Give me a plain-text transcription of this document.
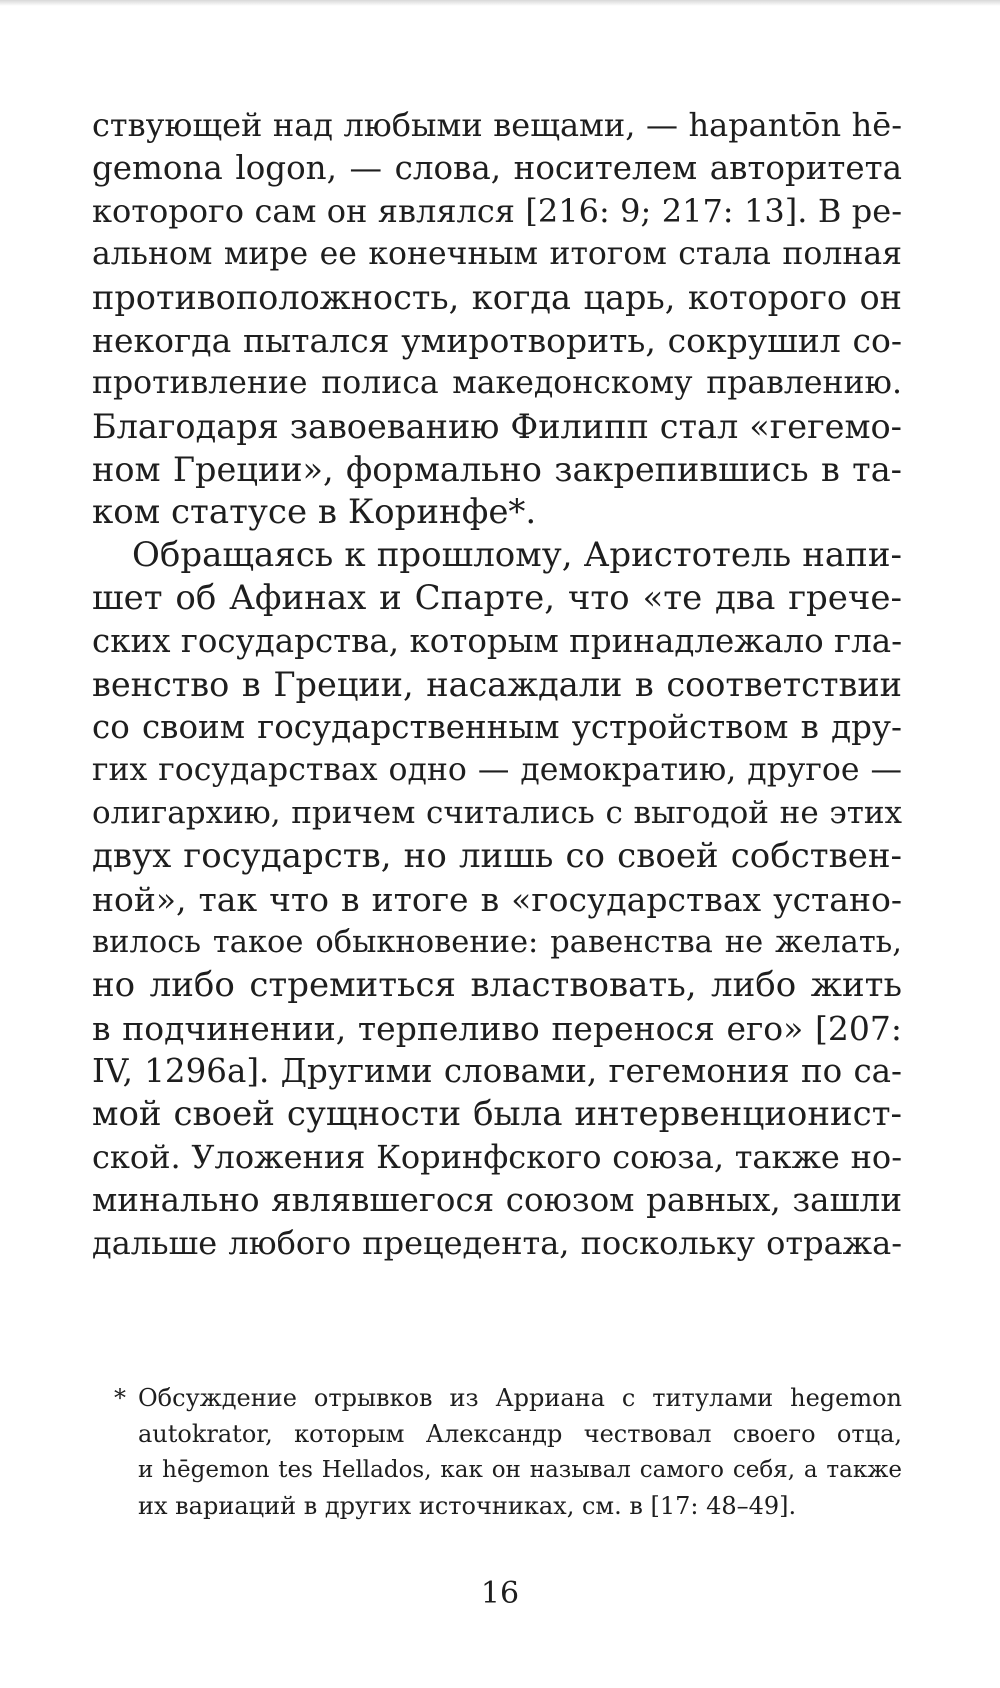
ствующей над любыми вещами, — hapantōn hē-
gemona logon, — слова, носителем авторитета
которого сам он являлся [216: 9; 217: 13]. В ре-
альном мире ее конечным итогом стала полная
противоположность, когда царь, которого он
некогда пытался умиротворить, сокрушил со-
противление полиса македонскому правлению.
Благодаря завоеванию Филипп стал «гегемо-
ном Греции», формально закрепившись в та-
ком статусе в Коринфе*.
Обращаясь к прошлому, Аристотель напи-
шет об Афинах и Спарте, что «те два грече-
ских государства, которым принадлежало гла-
венство в Греции, насаждали в соответствии
со своим государственным устройством в дру-
гих государствах одно — демократию, другое —
олигархию, причем считались с выгодой не этих
двух государств, но лишь со своей собствен-
ной», так что в итоге в «государствах устано-
вилось такое обыкновение: равенства не желать,
но либо стремиться властвовать, либо жить
в подчинении, терпеливо перенося его» [207:
IV, 1296a]. Другими словами, гегемония по са-
мой своей сущности была интервенционист-
ской. Уложения Коринфского союза, также но-
минально являвшегося союзом равных, зашли
дальше любого прецедента, поскольку отража-
* Обсуждение отрывков из Арриана с титулами hegemon
autokrator, которым Александр чествовал своего отца,
и hēgemon tes Hellados, как он называл самого себя, а также
их вариаций в других источниках, см. в [17: 48–49].
16
